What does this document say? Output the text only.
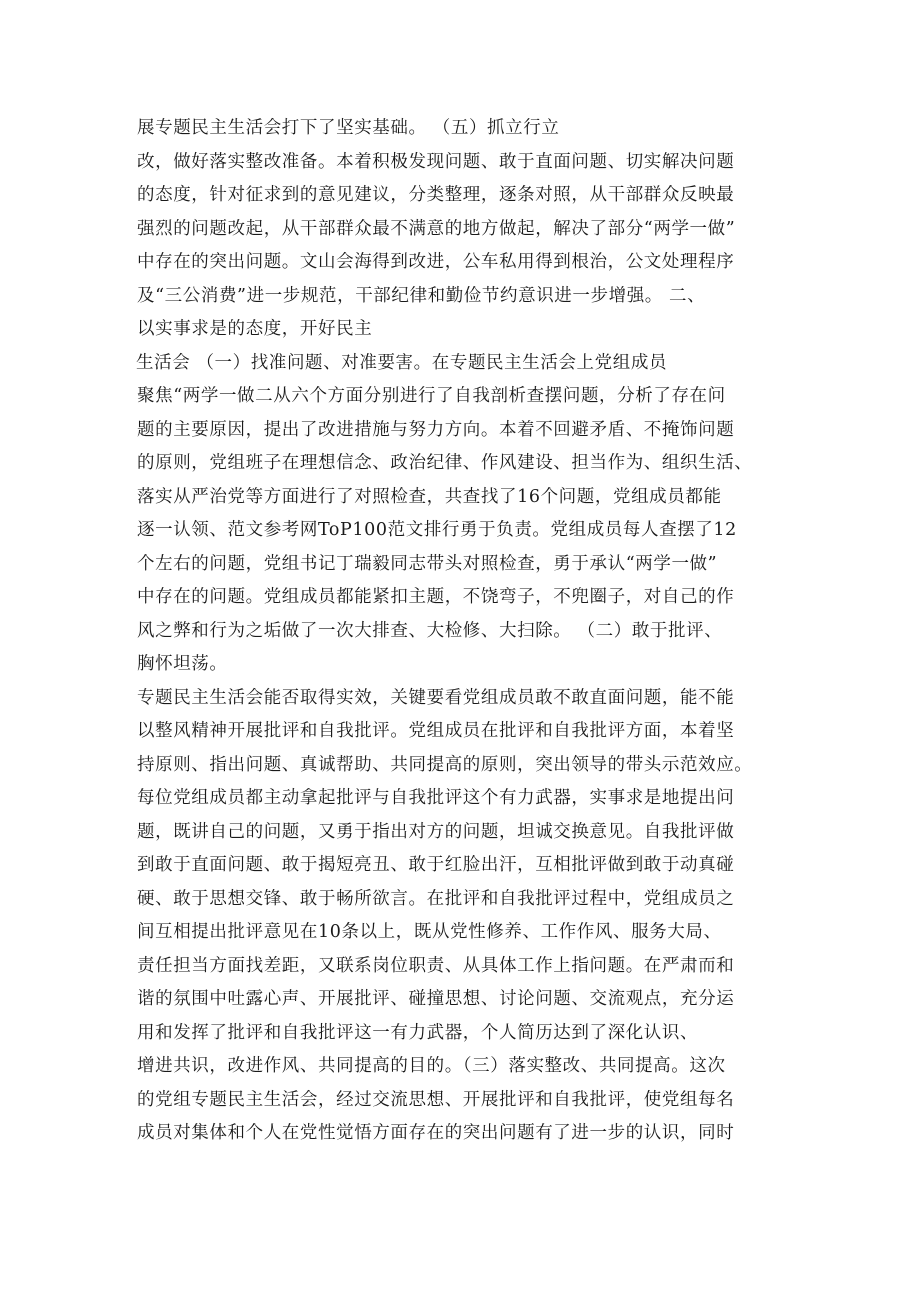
展专题民主生活会打下了坚实基础。 （五）抓立行立
改，做好落实整改准备。本着积极发现问题、敢于直面问题、切实解决问题
的态度，针对征求到的意见建议，分类整理，逐条对照，从干部群众反映最
强烈的问题改起，从干部群众最不满意的地方做起，解决了部分“两学一做”
中存在的突出问题。文山会海得到改进，公车私用得到根治，公文处理程序
及“三公消费”进一步规范，干部纪律和勤俭节约意识进一步增强。 二、
以实事求是的态度，开好民主
生活会 （一）找准问题、对准要害。在专题民主生活会上党组成员
聚焦“两学一做二从六个方面分别进行了自我剖析查摆问题，分析了存在问
题的主要原因，提出了改进措施与努力方向。本着不回避矛盾、不掩饰问题
的原则，党组班子在理想信念、政治纪律、作风建设、担当作为、组织生活、
落实从严治党等方面进行了对照检查，共查找了16个问题，党组成员都能
逐一认领、范文参考网ToP100范文排行勇于负责。党组成员每人查摆了12
个左右的问题，党组书记丁瑞毅同志带头对照检查，勇于承认“两学一做”
中存在的问题。党组成员都能紧扣主题，不饶弯子，不兜圈子，对自己的作
风之弊和行为之垢做了一次大排查、大检修、大扫除。 （二）敢于批评、
胸怀坦荡。
专题民主生活会能否取得实效，关键要看党组成员敢不敢直面问题，能不能
以整风精神开展批评和自我批评。党组成员在批评和自我批评方面，本着坚
持原则、指出问题、真诚帮助、共同提高的原则，突出领导的带头示范效应。
每位党组成员都主动拿起批评与自我批评这个有力武器，实事求是地提出问
题，既讲自己的问题，又勇于指出对方的问题，坦诚交换意见。自我批评做
到敢于直面问题、敢于揭短亮丑、敢于红脸出汗，互相批评做到敢于动真碰
硬、敢于思想交锋、敢于畅所欲言。在批评和自我批评过程中，党组成员之
间互相提出批评意见在10条以上，既从党性修养、工作作风、服务大局、
责任担当方面找差距，又联系岗位职责、从具体工作上指问题。在严肃而和
谐的氛围中吐露心声、开展批评、碰撞思想、讨论问题、交流观点，充分运
用和发挥了批评和自我批评这一有力武器，个人简历达到了深化认识、
增进共识，改进作风、共同提高的目的。（三）落实整改、共同提高。这次
的党组专题民主生活会，经过交流思想、开展批评和自我批评，使党组每名
成员对集体和个人在党性觉悟方面存在的突出问题有了进一步的认识，同时
